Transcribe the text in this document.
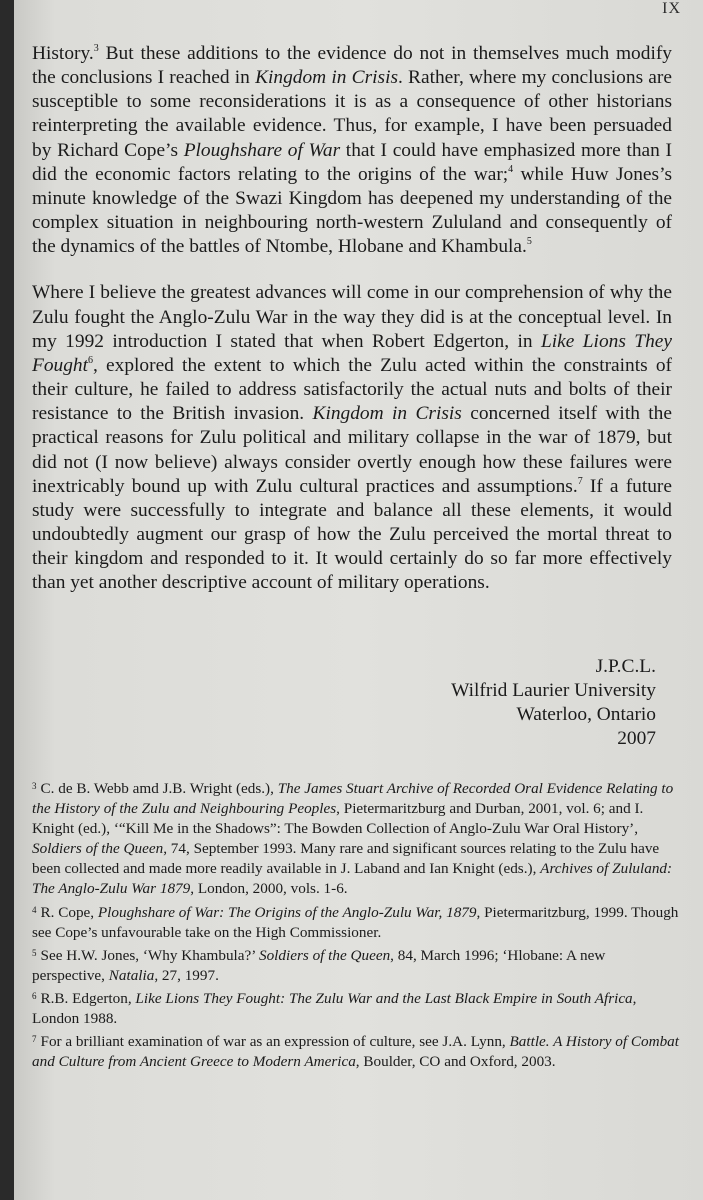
IX

History.$^3$ But these additions to the evidence do not in themselves much modify the conclusions I reached in Kingdom in Crisis. Rather, where my conclusions are susceptible to some reconsiderations it is as a consequence of other historians reinterpreting the available evidence. Thus, for example, I have been persuaded by Richard Cope’s Ploughshare of War that I could have emphasized more than I did the economic factors relating to the origins of the war;$^4$ while Huw Jones’s minute knowledge of the Swazi Kingdom has deepened my understanding of the complex situation in neighbouring north-western Zululand and consequently of the dynamics of the battles of Ntombe, Hlobane and Khambula.$^5$

Where I believe the greatest advances will come in our comprehension of why the Zulu fought the Anglo-Zulu War in the way they did is at the conceptual level. In my 1992 introduction I stated that when Robert Edgerton, in Like Lions They Fought$^6$, explored the extent to which the Zulu acted within the constraints of their culture, he failed to address satisfactorily the actual nuts and bolts of their resistance to the British invasion. Kingdom in Crisis concerned itself with the practical reasons for Zulu political and military collapse in the war of 1879, but did not (I now believe) always consider overtly enough how these failures were inextricably bound up with Zulu cultural practices and assumptions.$^7$ If a future study were successfully to integrate and balance all these elements, it would undoubtedly augment our grasp of how the Zulu perceived the mortal threat to their kingdom and responded to it. It would certainly do so far more effectively than yet another descriptive account of military operations.

J.P.C.L.
Wilfrid Laurier University
Waterloo, Ontario
2007
$^3$ C. de B. Webb amd J.B. Wright (eds.), The James Stuart Archive of Recorded Oral Evidence Relating to the History of the Zulu and Neighbouring Peoples, Pietermaritzburg and Durban, 2001, vol. 6; and I. Knight (ed.), ‘“Kill Me in the Shadows”: The Bowden Collection of Anglo-Zulu War Oral History’, Soldiers of the Queen, 74, September 1993. Many rare and significant sources relating to the Zulu have been collected and made more readily available in J. Laband and Ian Knight (eds.), Archives of Zululand: The Anglo-Zulu War 1879, London, 2000, vols. 1-6.
$^4$ R. Cope, Ploughshare of War: The Origins of the Anglo-Zulu War, 1879, Pietermaritzburg, 1999. Though see Cope’s unfavourable take on the High Commissioner.
$^5$ See H.W. Jones, ‘Why Khambula?’ Soldiers of the Queen, 84, March 1996; ‘Hlobane: A new perspective, Natalia, 27, 1997.
$^6$ R.B. Edgerton, Like Lions They Fought: The Zulu War and the Last Black Empire in South Africa, London 1988.
$^7$ For a brilliant examination of war as an expression of culture, see J.A. Lynn, Battle. A History of Combat and Culture from Ancient Greece to Modern America, Boulder, CO and Oxford, 2003.
